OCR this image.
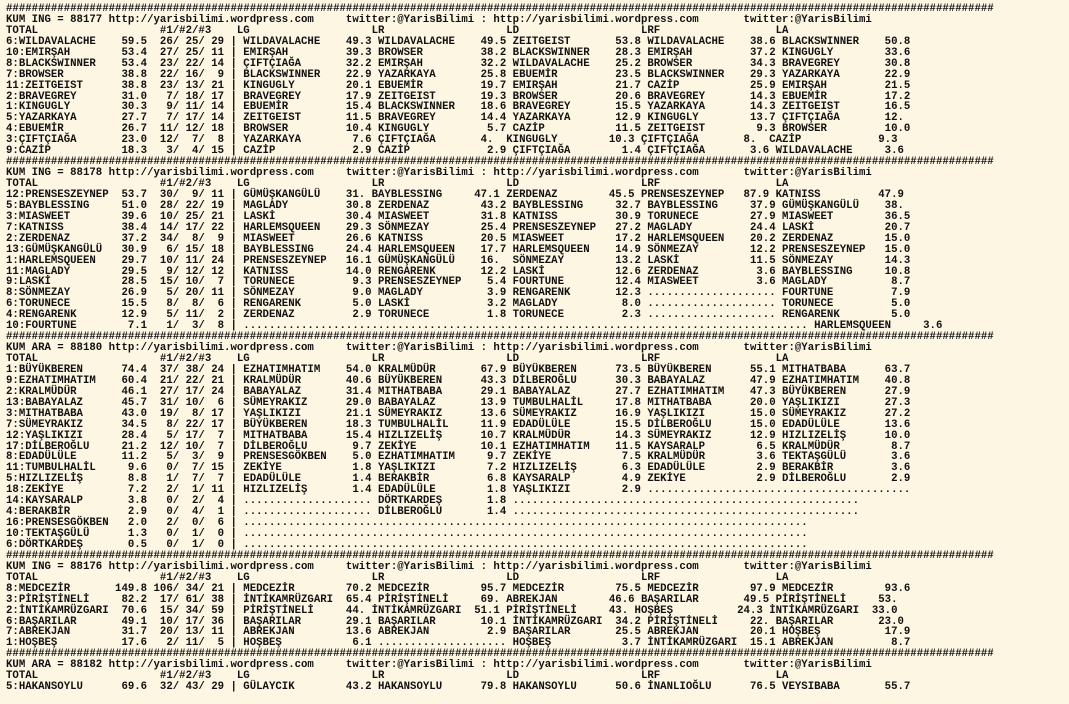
##########################################################################################################################################################
KUM ING = 88177 http://yarisbilimi.wordpress.com     twitter:@YarisBilimi : http://yarisbilimi.wordpress.com       twitter:@YarisBilimi
TOTAL                   #1/#2/#3    LG                   LR                   LD                   LRF                  LA
6:WILDAVALACHE    59.5  26/ 25/ 29 | WILDAVALACHE    49.3 WILDAVALACHE    49.5 ZEITGEIST       53.8 WILDAVALACHE    38.6 BLACKSWINNER    50.8
10:EMIRŞAH        53.4  27/ 25/ 11 | EMIRŞAH         39.3 BROWSER         38.2 BLACKSWINNER    28.3 EMIRŞAH         37.2 KINGUGLY        33.6
8:BLACKSWINNER    53.4  23/ 22/ 14 | ÇIFTÇIAĞA       32.2 EMIRŞAH         32.2 WILDAVALACHE    25.2 BROWSER         34.3 BRAVEGREY       30.8
7:BROWSER         38.8  22/ 16/  9 | BLACKSWINNER    22.9 YAZARKAYA       25.8 EBUEMİR         23.5 BLACKSWINNER    29.3 YAZARKAYA       22.9
11:ZEITGEIST      38.8  23/ 13/ 21 | KINGUGLY        20.1 EBUEMİR         19.7 EMIRŞAH         21.7 CAZİP           25.9 EMIRŞAH         21.5
2:BRAVEGREY       31.0   7/ 18/ 17 | BRAVEGREY       17.9 ZEITGEIST       19.3 BROWSER         20.6 BRAVEGREY       14.3 EBUEMİR         17.2
1:KINGUGLY        30.3   9/ 11/ 14 | EBUEMİR         15.4 BLACKSWINNER    18.6 BRAVEGREY       15.5 YAZARKAYA       14.3 ZEITGEIST       16.5
5:YAZARKAYA       27.7   7/ 17/ 14 | ZEITGEIST       11.5 BRAVEGREY       14.4 YAZARKAYA       12.9 KINGUGLY        13.7 ÇIFTÇIAĞA       12.
4:EBUEMİR         26.7  11/ 12/ 18 | BROWSER         10.4 KINGUGLY         5.7 CAZİP           11.5 ZEITGEIST        9.3 BROWSER         10.0
3:ÇIFTÇIAĞA       23.0  12/  7/  8 | YAZARKAYA        7.6 ÇIFTÇIAĞA       4.  KINGUGLY        10.3 ÇIFTÇIAĞA       8.  CAZİP            9.3
9:CAZİP           18.3   3/  4/ 15 | CAZİP            2.9 CAZİP            2.9 ÇIFTÇIAĞA        1.4 ÇIFTÇIAĞA       3.6 WILDAVALACHE     3.6
##########################################################################################################################################################
KUM ING = 88178 http://yarisbilimi.wordpress.com     twitter:@YarisBilimi : http://yarisbilimi.wordpress.com       twitter:@YarisBilimi
TOTAL                   #1/#2/#3    LG                   LR                   LD                   LRF                  LA
12:PRENSESZEYNEP  53.7  30/  9/ 11 | GÜMÜŞKANGÜLÜ    31. BAYBLESSING     47.1 ZERDENAZ        45.5 PRENSESZEYNEP   87.9 KATNISS         47.9
5:BAYBLESSING     51.0  28/ 22/ 19 | MAGLADY         30.8 ZERDENAZ        43.2 BAYBLESSING     32.7 BAYBLESSING     37.9 GÜMÜŞKANGÜLÜ    38.
3:MIASWEET        39.6  10/ 25/ 21 | LASKİ           30.4 MIASWEET        31.8 KATNISS         30.9 TORUNECE        27.9 MIASWEET        36.5
7:KATNISS         38.4  14/ 17/ 22 | HARLEMSQUEEN    29.3 SÖNMEZAY        25.4 PRENSESZEYNEP   27.2 MAGLADY         24.4 LASKİ           20.7
2:ZERDENAZ        37.2  34/  8/  9 | MIASWEET        26.6 KATNISS         20.5 MIASWEET        17.2 HARLEMSQUEEN    20.2 ZERDENAZ        15.0
13:GÜMÜŞKANGÜLÜ   30.9   6/ 15/ 18 | BAYBLESSING     24.4 HARLEMSQUEEN    17.7 HARLEMSQUEEN    14.9 SÖNMEZAY        12.2 PRENSESZEYNEP   15.0
1:HARLEMSQUEEN    29.7  10/ 11/ 24 | PRENSESZEYNEP   16.1 GÜMÜŞKANGÜLÜ    16.  SÖNMEZAY        13.2 LASKİ           11.5 SÖNMEZAY        14.3
11:MAGLADY        29.5   9/ 12/ 12 | KATNISS         14.0 RENGARENK       12.2 LASKİ           12.6 ZERDENAZ         3.6 BAYBLESSING     10.8
9:LASKİ           28.5  15/ 10/  7 | TORUNECE         9.3 PRENSESZEYNEP    5.4 FOURTUNE        12.4 MIASWEET         3.6 MAGLADY          8.7
8:SÖNMEZAY        26.9   5/ 20/ 11 | SÖNMEZAY         9.0 MAGLADY          3.9 RENGARENK       12.3 .................... FOURTUNE         7.9
6:TORUNECE        15.5   8/  8/  6 | RENGARENK        5.0 LASKİ            3.2 MAGLADY          8.0 .................... TORUNECE         5.0
4:RENGARENK       12.9   5/ 11/  2 | ZERDENAZ         2.9 TORUNECE         1.8 TORUNECE         2.3 .................... RENGARENK        5.0
10:FOURTUNE        7.1   1/  3/  8 | ........................................................................................ HARLEMSQUEEN     3.6
##########################################################################################################################################################
KUM ARA = 88180 http://yarisbilimi.wordpress.com     twitter:@YarisBilimi : http://yarisbilimi.wordpress.com       twitter:@YarisBilimi
TOTAL                   #1/#2/#3    LG                   LR                   LD                   LRF                  LA
1:BÜYÜKBEREN      74.4  37/ 38/ 24 | EZHATIMHATIM    54.0 KRALMÜDÜR       67.9 BÜYÜKBEREN      73.5 BÜYÜKBEREN      55.1 MITHATBABA      63.7
9:EZHATIMHATIM    60.4  21/ 22/ 21 | KRALMÜDÜR       40.6 BÜYÜKBEREN      43.3 DİLBEROĞLU      30.3 BABAYALAZ       47.9 EZHATIMHATIM    40.8
2:KRALMÜDÜR       46.1  27/ 17/ 24 | BABAYALAZ       31.4 MITHATBABA      29.1 BABAYALAZ       27.7 EZHATIMHATIM    47.3 BÜYÜKBEREN      27.9
13:BABAYALAZ      45.7  31/ 10/  6 | SÜMEYRAKIZ      29.0 BABAYALAZ       13.9 TUMBULHALİL     17.8 MITHATBABA      20.0 YAŞLIKIZI       27.3
3:MITHATBABA      43.0  19/  8/ 17 | YAŞLIKIZI       21.1 SÜMEYRAKIZ      13.6 SÜMEYRAKIZ      16.9 YAŞLIKIZI       15.0 SÜMEYRAKIZ      27.2
7:SÜMEYRAKIZ      34.5   8/ 22/ 17 | BÜYÜKBEREN      18.3 TUMBULHALİL     11.9 EDADÜLÜLE       15.5 DİLBEROĞLU      15.0 EDADÜLÜLE       13.6
12:YAŞLIKIZI      28.4   5/ 17/  7 | MITHATBABA      15.4 HIZLIZELİŞ      10.7 KRALMÜDÜR       14.3 SÜMEYRAKIZ      12.9 HIZLIZELİŞ      10.0
17:DİLBEROĞLU     21.2  12/ 10/  7 | DİLBEROĞLU       9.7 ZEKİYE          10.1 EZHATIMHATIM    11.5 KAYSARALP        6.5 KRALMÜDÜR        8.7
8:EDADÜLÜLE       11.2   5/  3/  9 | PRENSESGÖKBEN    5.0 EZHATIMHATIM     9.7 ZEKİYE           7.5 KRALMÜDÜR        3.6 TEKTAŞGÜLÜ       3.6
11:TUMBULHALİL     9.6   0/  7/ 15 | ZEKİYE           1.8 YAŞLIKIZI        7.2 HIZLIZELİŞ       6.3 EDADÜLÜLE        2.9 BERAKBİR         3.6
5:HIZLIZELİŞ       8.8   1/  7/  7 | EDADÜLÜLE        1.4 BERAKBİR         6.8 KAYSARALP        4.9 ZEKİYE           2.9 DİLBEROĞLU       2.9
18:ZEKİYE          7.2   2/  1/ 11 | HIZLIZELİŞ       1.4 EDADÜLÜLE        1.8 YAŞLIKIZI        2.9 .........................................
14:KAYSARALP       3.8   0/  2/  4 | .................... DÖRTKARDEŞ       1.8 ......................................................
4:BERAKBİR         2.9   0/  4/  1 | .................... DİLBEROĞLU       1.4 ......................................................
16:PRENSESGÖKBEN   2.0   2/  0/  6 | ........................................................................................
10:TEKTAŞGÜLÜ      1.3   0/  1/  0 | ........................................................................................
6:DÖRTKARDEŞ       0.5   0/  1/  0 | ........................................................................................
##########################################################################################################################################################
KUM ING = 88176 http://yarisbilimi.wordpress.com     twitter:@YarisBilimi : http://yarisbilimi.wordpress.com       twitter:@YarisBilimi
TOTAL                   #1/#2/#3    LG                   LR                   LD                   LRF                  LA
8:MEDCEZİR       149.8 106/ 34/ 21 | MEDCEZİR        70.2 MEDCEZİR        95.7 MEDCEZİR        75.5 MEDCEZİR        97.9 MEDCEZİR        93.6
3:PİRİŞTİNELİ     82.2  17/ 61/ 38 | İNTİKAMRÜZGARI  65.4 PİRİŞTİNELİ     69. ABREKJAN        46.6 BAŞARILAR       49.5 PİRİŞTİNELİ     53.
2:İNTİKAMRÜZGARI  70.6  15/ 34/ 59 | PİRİŞTİNELİ     44. İNTİKAMRÜZGARI  51.1 PİRİŞTİNELİ     43. HOŞBEŞ          24.3 İNTİKAMRÜZGARI  33.0
6:BAŞARILAR       49.1  10/ 17/ 36 | BAŞARILAR       29.1 BAŞARILAR       10.1 İNTİKAMRÜZGARI  34.2 PİRİŞTİNELİ     22. BAŞARILAR       23.0
7:ABREKJAN        31.7  20/ 13/ 11 | ABREKJAN        13.6 ABREKJAN         2.9 BAŞARILAR       25.5 ABREKJAN        20.1 HOŞBEŞ          17.9
1:HOŞBEŞ          17.6   2/ 11/  5 | HOŞBEŞ           6.1 .................... HOŞBEŞ           3.7 İNTİKAMRÜZGARI  15.1 ABREKJAN         8.7
##########################################################################################################################################################
KUM ARA = 88182 http://yarisbilimi.wordpress.com     twitter:@YarisBilimi : http://yarisbilimi.wordpress.com       twitter:@YarisBilimi
TOTAL                   #1/#2/#3    LG                   LR                   LD                   LRF                  LA
5:HAKANSOYLU      69.6  32/ 43/ 29 | GÜLAYCIK        43.2 HAKANSOYLU      79.8 HAKANSOYLU      50.6 İNANLIOĞLU      76.5 VEYSIBABA       55.7
